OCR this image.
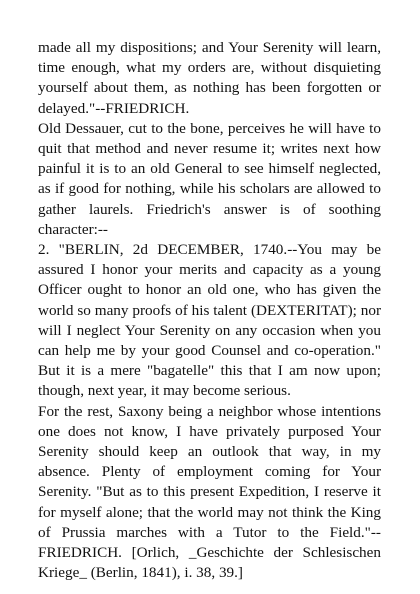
made all my dispositions; and Your Serenity will learn, time enough, what my orders are, without disquieting yourself about them, as nothing has been forgotten or delayed."--FRIEDRICH.

Old Dessauer, cut to the bone, perceives he will have to quit that method and never resume it; writes next how painful it is to an old General to see himself neglected, as if good for nothing, while his scholars are allowed to gather laurels. Friedrich's answer is of soothing character:--

2. "BERLIN, 2d DECEMBER, 1740.--You may be assured I honor your merits and capacity as a young Officer ought to honor an old one, who has given the world so many proofs of his talent (DEXTERITAT); nor will I neglect Your Serenity on any occasion when you can help me by your good Counsel and co-operation." But it is a mere "bagatelle" this that I am now upon; though, next year, it may become serious.

For the rest, Saxony being a neighbor whose intentions one does not know, I have privately purposed Your Serenity should keep an outlook that way, in my absence. Plenty of employment coming for Your Serenity. "But as to this present Expedition, I reserve it for myself alone; that the world may not think the King of Prussia marches with a Tutor to the Field."--FRIEDRICH. [Orlich, _Geschichte der Schlesischen Kriege_ (Berlin, 1841), i. 38, 39.]
